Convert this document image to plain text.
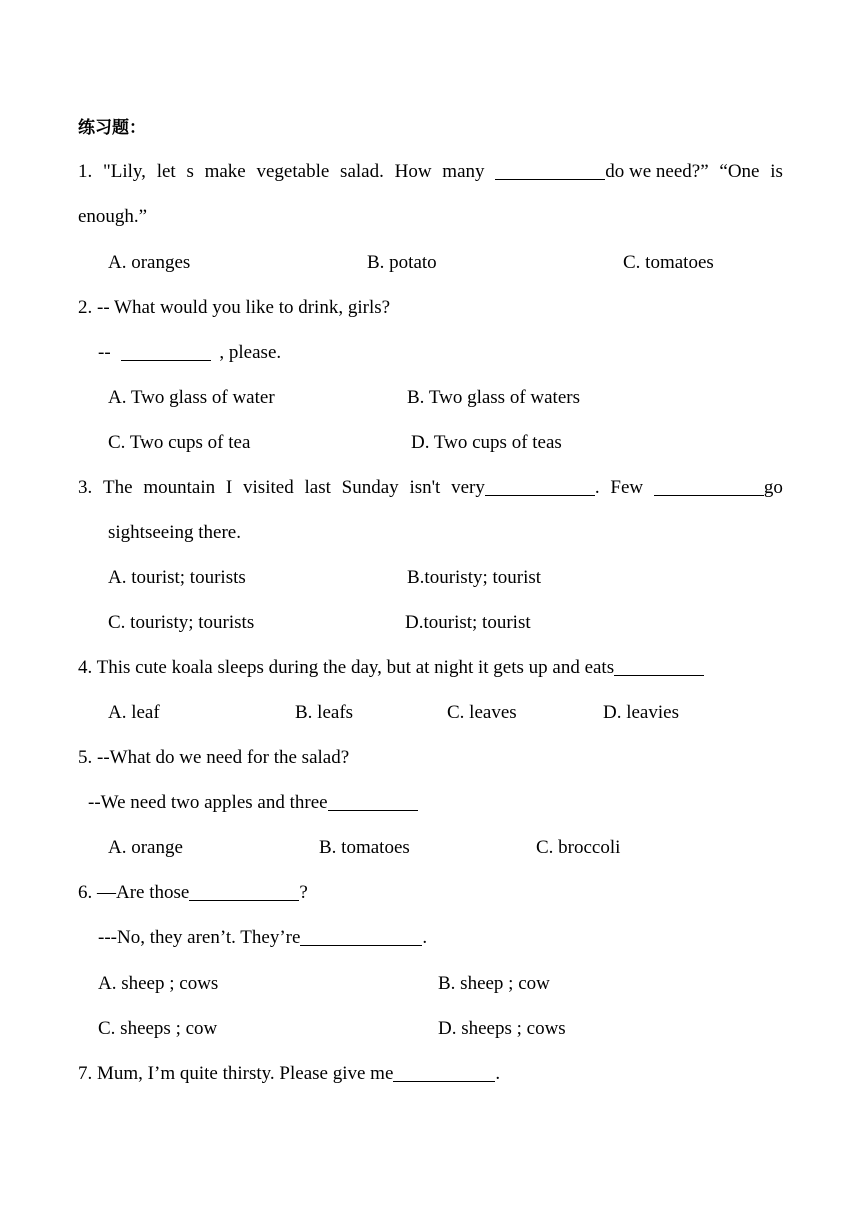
练习题：
1. "Lily, let s make vegetable salad. How many	do we need?” “One is
enough.”
A. oranges	B. potato	C. tomatoes
2. -- What would you like to drink, girls?
--	, please.
A. Two glass of water	B. Two glass of waters
C. Two cups of tea	D. Two cups of teas
3. The mountain I visited last Sunday isn't very	. Few	go
sightseeing there.
A. tourist; tourists	B.touristy; tourist
C. touristy; tourists	D.tourist; tourist
4. This cute koala sleeps during the day, but at night it gets up and eats
A. leaf	B. leafs	C. leaves	D. leavies
5. --What do we need for the salad?
--We need two apples and three
A. orange	B. tomatoes	C. broccoli
6. —Are those	?
---No, they aren’t. They’re	.
A. sheep ; cows	B. sheep ; cow
C. sheeps ; cow	D. sheeps ; cows
7. Mum, I’m quite thirsty. Please give me	.
